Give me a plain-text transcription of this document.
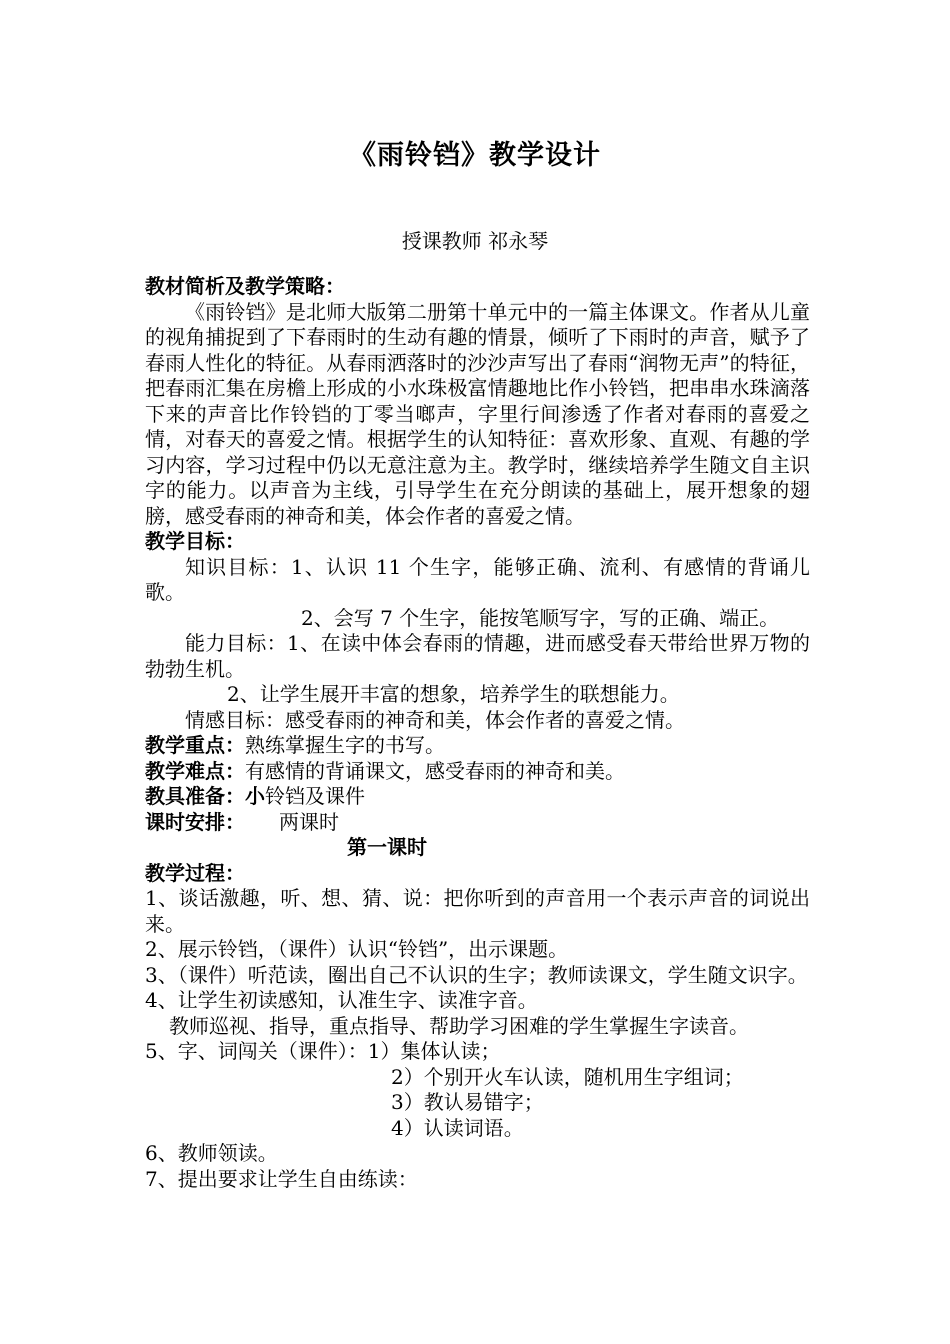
《雨铃铛》教学设计
授课教师 祁永琴

教材简析及教学策略：

《雨铃铛》是北师大版第二册第十单元中的一篇主体课文。作者从儿童的视角捕捉到了下春雨时的生动有趣的情景，倾听了下雨时的声音，赋予了春雨人性化的特征。从春雨洒落时的沙沙声写出了春雨“润物无声”的特征，把春雨汇集在房檐上形成的小水珠极富情趣地比作小铃铛，把串串水珠滴落下来的声音比作铃铛的丁零当啷声，字里行间渗透了作者对春雨的喜爱之情，对春天的喜爱之情。根据学生的认知特征：喜欢形象、直观、有趣的学习内容，学习过程中仍以无意注意为主。教学时，继续培养学生随文自主识字的能力。以声音为主线，引导学生在充分朗读的基础上，展开想象的翅膀，感受春雨的神奇和美，体会作者的喜爱之情。

教学目标：

知识目标：1、认识 11 个生字，能够正确、流利、有感情的背诵儿歌。

2、会写 7 个生字，能按笔顺写字，写的正确、端正。

能力目标：1、在读中体会春雨的情趣，进而感受春天带给世界万物的勃勃生机。

2、让学生展开丰富的想象，培养学生的联想能力。

情感目标：感受春雨的神奇和美，体会作者的喜爱之情。

教学重点：熟练掌握生字的书写。

教学难点：有感情的背诵课文，感受春雨的神奇和美。

教具准备：小铃铛及课件

课时安排： 两课时

第一课时

教学过程：

1、谈话激趣，听、想、猜、说：把你听到的声音用一个表示声音的词说出来。

2、展示铃铛，（课件）认识“铃铛”，出示课题。

3、（课件）听范读，圈出自己不认识的生字；教师读课文，学生随文识字。

4、让学生初读感知，认准生字、读准字音。

教师巡视、指导，重点指导、帮助学习困难的学生掌握生字读音。

5、字、词闯关（课件）：1）集体认读；

2）个别开火车认读，随机用生字组词；

3）教认易错字；

4）认读词语。

6、教师领读。

7、提出要求让学生自由练读：
